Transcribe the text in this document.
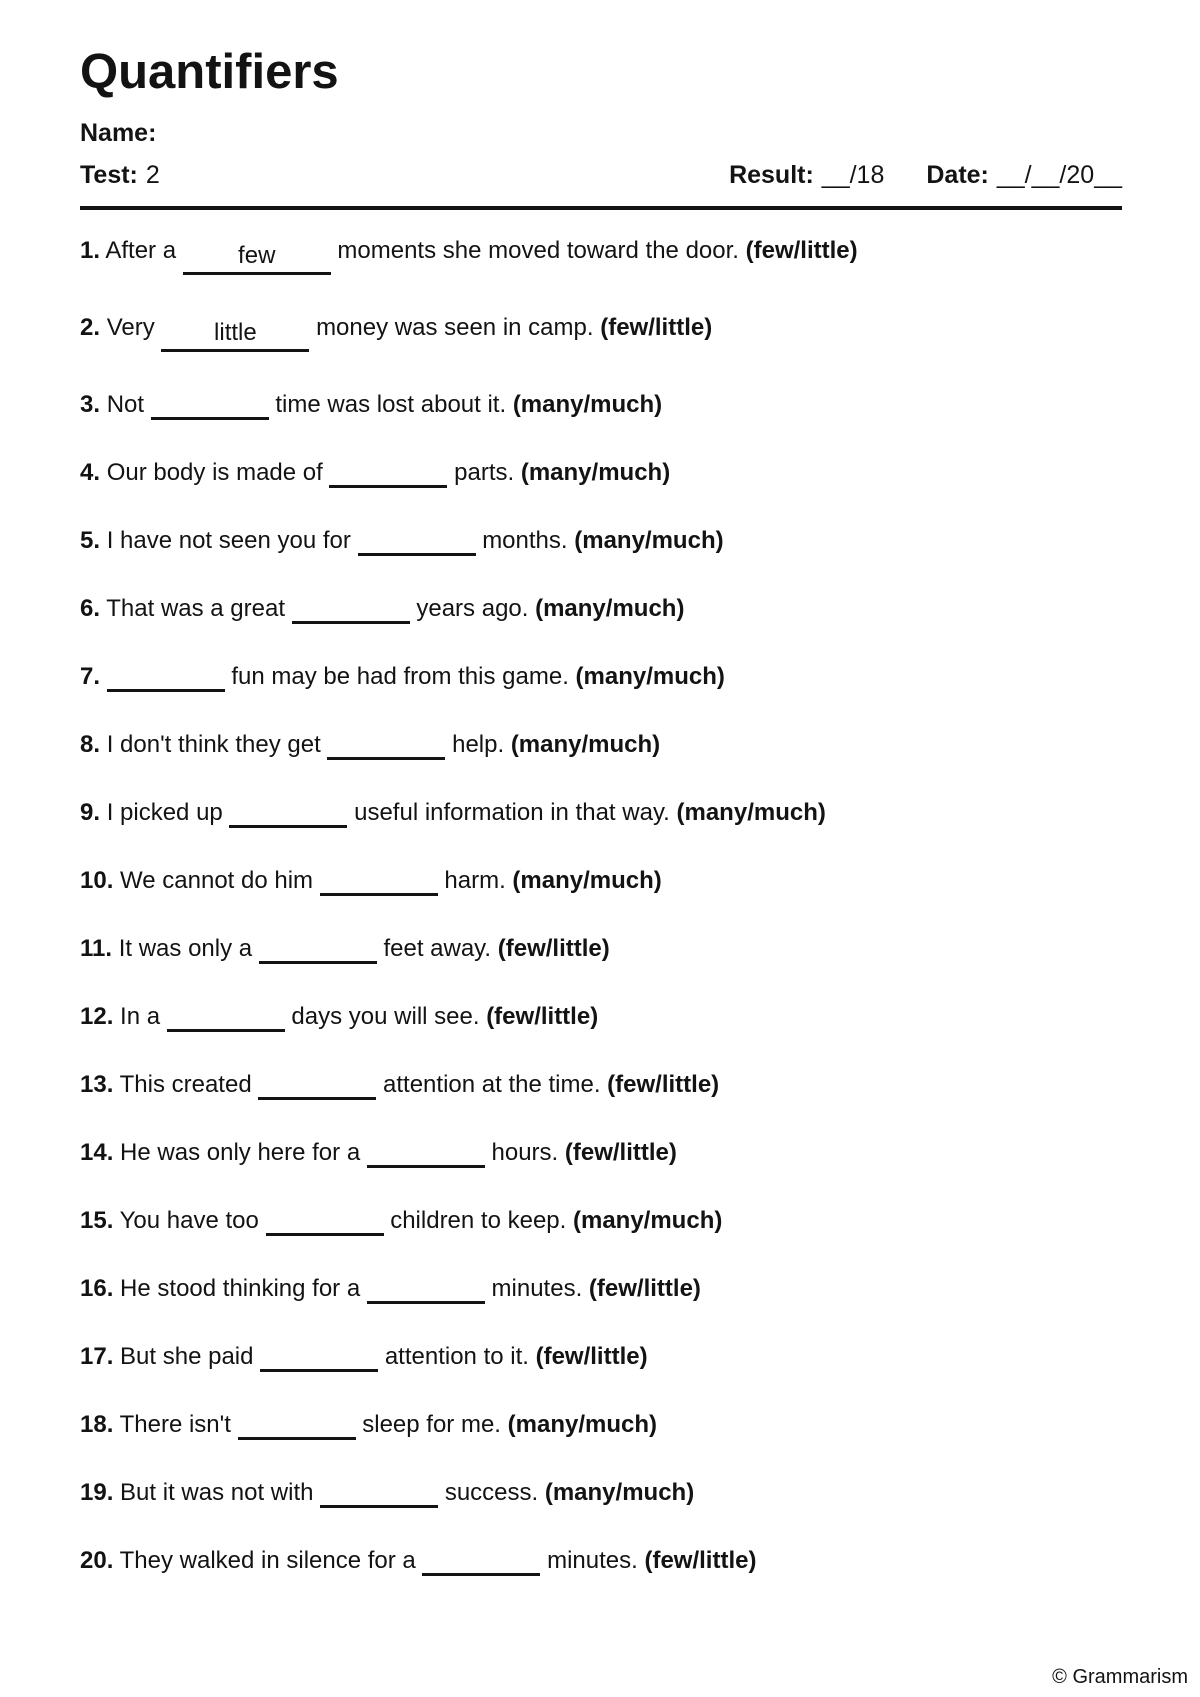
Quantifiers
Name:
Test: 2	Result: __/18 Date: __/__/20__
1. After a	few	moments she moved toward the door. (few/little)
2. Very	little	money was seen in camp. (few/little)
3. Not	time was lost about it. (many/much)
4. Our body is made of	parts. (many/much)
5. I have not seen you for	months. (many/much)
6. That was a great	years ago. (many/much)
7.	fun may be had from this game. (many/much)
8. I don't think they get	help. (many/much)
9. I picked up	useful information in that way. (many/much)
10. We cannot do him	harm. (many/much)
11. It was only a	feet away. (few/little)
12. In a	days you will see. (few/little)
13. This created	attention at the time. (few/little)
14. He was only here for a	hours. (few/little)
15. You have too	children to keep. (many/much)
16. He stood thinking for a	minutes. (few/little)
17. But she paid	attention to it. (few/little)
18. There isn't	sleep for me. (many/much)
19. But it was not with	success. (many/much)
20. They walked in silence for a	minutes. (few/little)
© Grammarism
